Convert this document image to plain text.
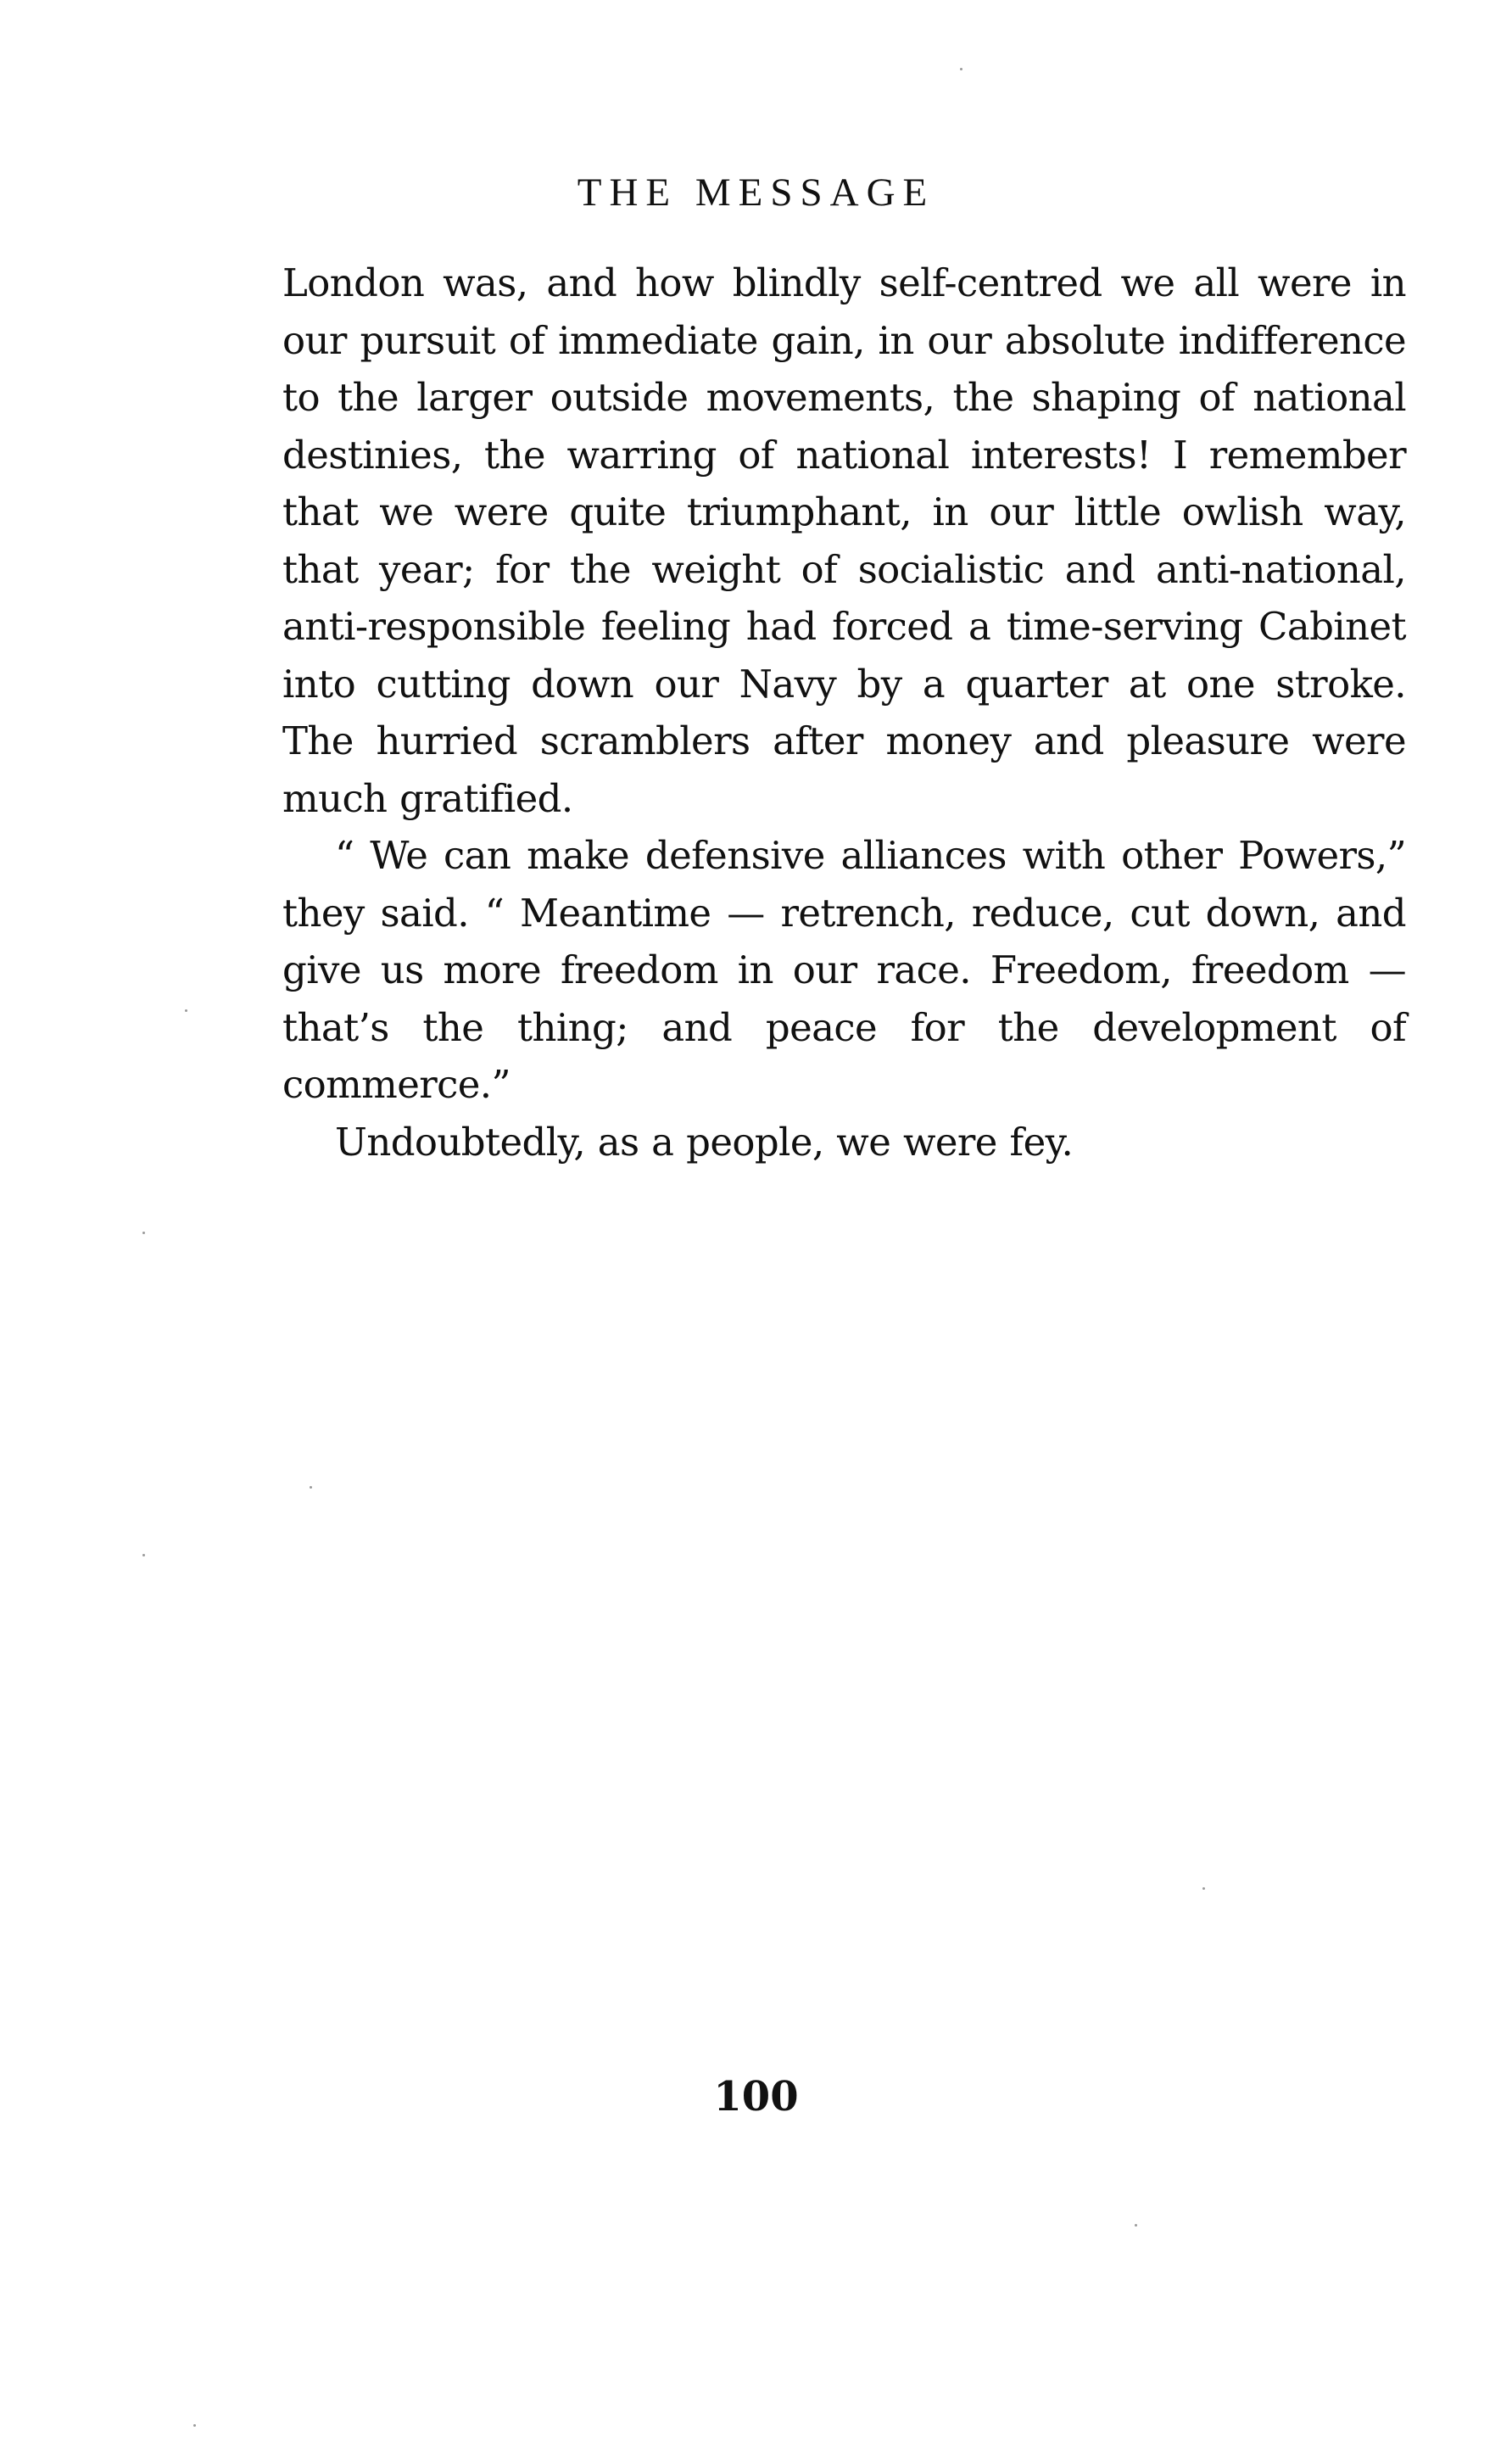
THE MESSAGE

London was, and how blindly self-centred we all were in our pursuit of immediate gain, in our absolute indifference to the larger outside movements, the shaping of national destinies, the warring of national interests! I remember that we were quite triumphant, in our little owlish way, that year; for the weight of socialistic and anti-national, anti-responsible feeling had forced a time-serving Cabinet into cutting down our Navy by a quarter at one stroke. The hurried scramblers after money and pleasure were much gratified.

“ We can make defensive alliances with other Powers,” they said. “ Meantime — retrench, reduce, cut down, and give us more freedom in our race. Freedom, freedom — that’s the thing; and peace for the development of commerce.”

Undoubtedly, as a people, we were fey.

100
